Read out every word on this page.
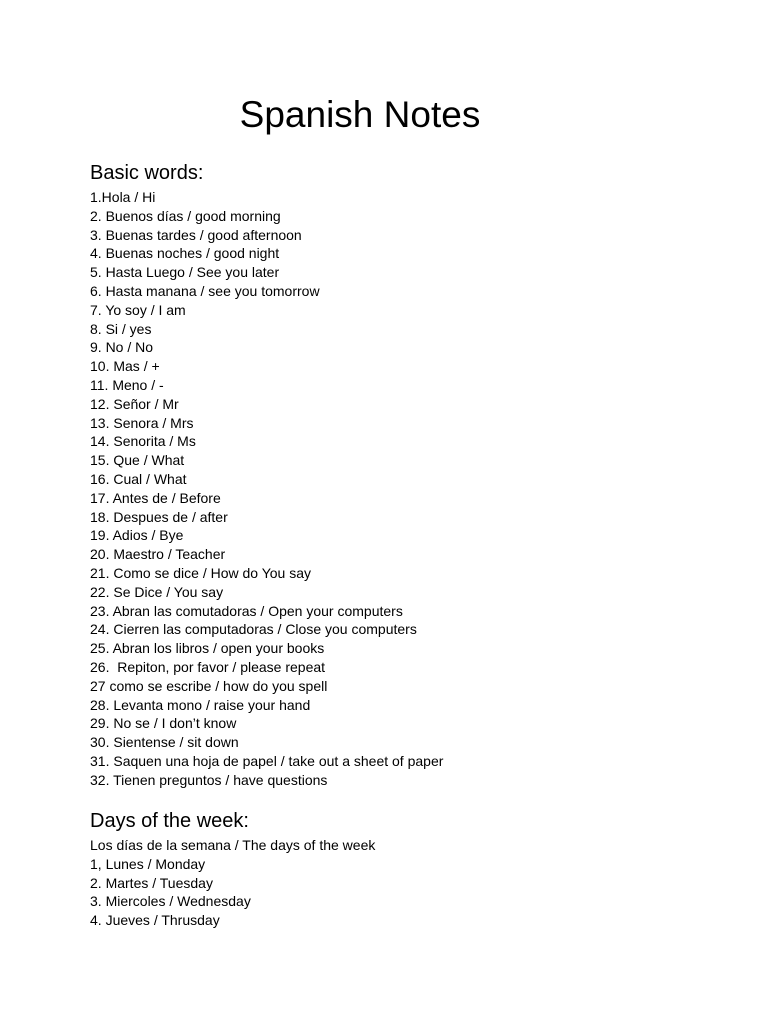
Spanish Notes
Basic words:
1.Hola / Hi
2. Buenos días / good morning
3. Buenas tardes / good afternoon
4. Buenas noches / good night
5. Hasta Luego / See you later
6. Hasta manana / see you tomorrow
7. Yo soy / I am
8. Si / yes
9. No / No
10. Mas / +
11. Meno / -
12. Señor / Mr
13. Senora / Mrs
14. Senorita / Ms
15. Que / What
16. Cual / What
17. Antes de / Before
18. Despues de / after
19. Adios / Bye
20. Maestro / Teacher
21. Como se dice / How do You say
22. Se Dice / You say
23. Abran las comutadoras / Open your computers
24. Cierren las computadoras / Close you computers
25. Abran los libros / open your books
26.  Repiton, por favor / please repeat
27 como se escribe / how do you spell
28. Levanta mono / raise your hand
29. No se / I don’t know
30. Sientense / sit down
31. Saquen una hoja de papel / take out a sheet of paper
32. Tienen preguntos / have questions
Days of the week:

Los días de la semana / The days of the week

1, Lunes / Monday
2. Martes / Tuesday
3. Miercoles / Wednesday
4. Jueves / Thrusday
